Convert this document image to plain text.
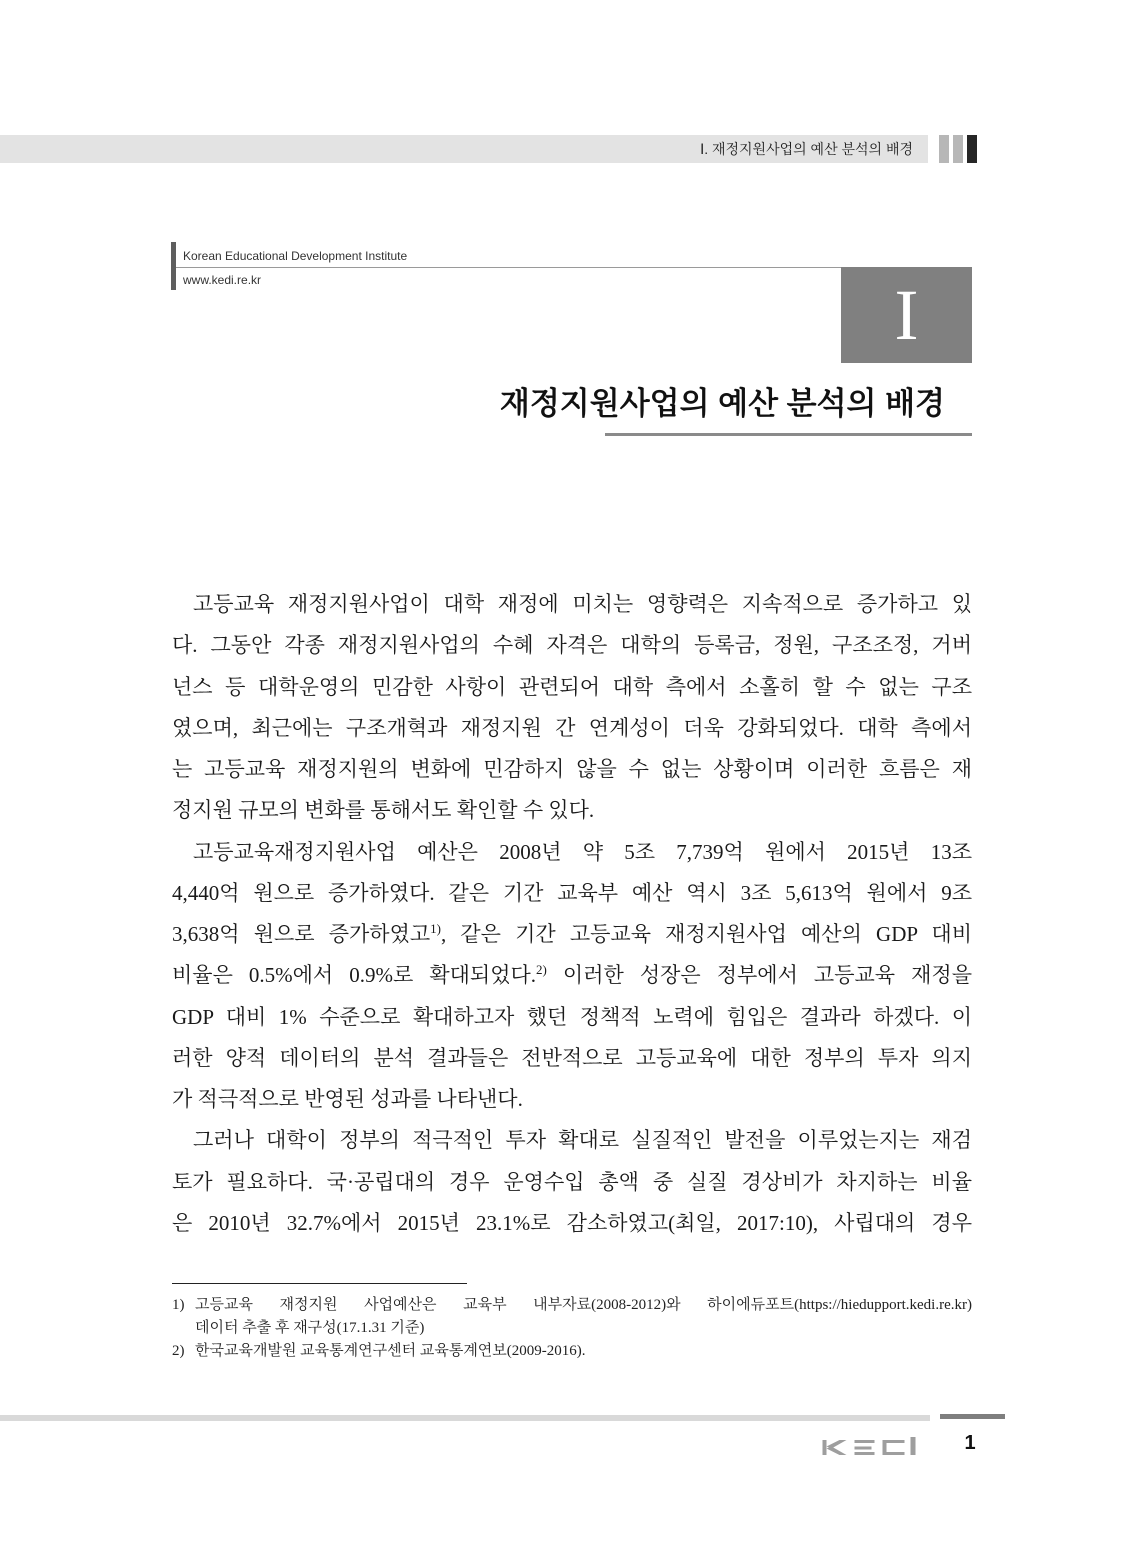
Ⅰ. 재정지원사업의 예산 분석의 배경
Korean Educational Development Institute
www.kedi.re.kr	I
재정지원사업의 예산 분석의 배경
고등교육 재정지원사업이 대학 재정에 미치는 영향력은 지속적으로 증가하고 있
다. 그동안 각종 재정지원사업의 수혜 자격은 대학의 등록금, 정원, 구조조정, 거버
넌스 등 대학운영의 민감한 사항이 관련되어 대학 측에서 소홀히 할 수 없는 구조
였으며, 최근에는 구조개혁과 재정지원 간 연계성이 더욱 강화되었다. 대학 측에서
는 고등교육 재정지원의 변화에 민감하지 않을 수 없는 상황이며 이러한 흐름은 재
정지원 규모의 변화를 통해서도 확인할 수 있다.
고등교육재정지원사업 예산은 2008년 약 5조 7,739억 원에서 2015년 13조
4,440억 원으로 증가하였다. 같은 기간 교육부 예산 역시 3조 5,613억 원에서 9조
3,638억 원으로 증가하였고$^{1)}$, 같은 기간 고등교육 재정지원사업 예산의 GDP 대비
비율은 0.5%에서 0.9%로 확대되었다.$^{2)}$ 이러한 성장은 정부에서 고등교육 재정을
GDP 대비 1% 수준으로 확대하고자 했던 정책적 노력에 힘입은 결과라 하겠다. 이
러한 양적 데이터의 분석 결과들은 전반적으로 고등교육에 대한 정부의 투자 의지
가 적극적으로 반영된 성과를 나타낸다.
그러나 대학이 정부의 적극적인 투자 확대로 실질적인 발전을 이루었는지는 재검
토가 필요하다. 국·공립대의 경우 운영수입 총액 중 실질 경상비가 차지하는 비율
은 2010년 32.7%에서 2015년 23.1%로 감소하였고(최일, 2017:10), 사립대의 경우
1) 고등교육 재정지원 사업예산은 교육부 내부자료(2008-2012)와 하이에듀포트(https://hiedupport.kedi.re.kr)
데이터 추출 후 재구성(17.1.31 기준)
2) 한국교육개발원 교육통계연구센터 교육통계연보(2009-2016).
1
